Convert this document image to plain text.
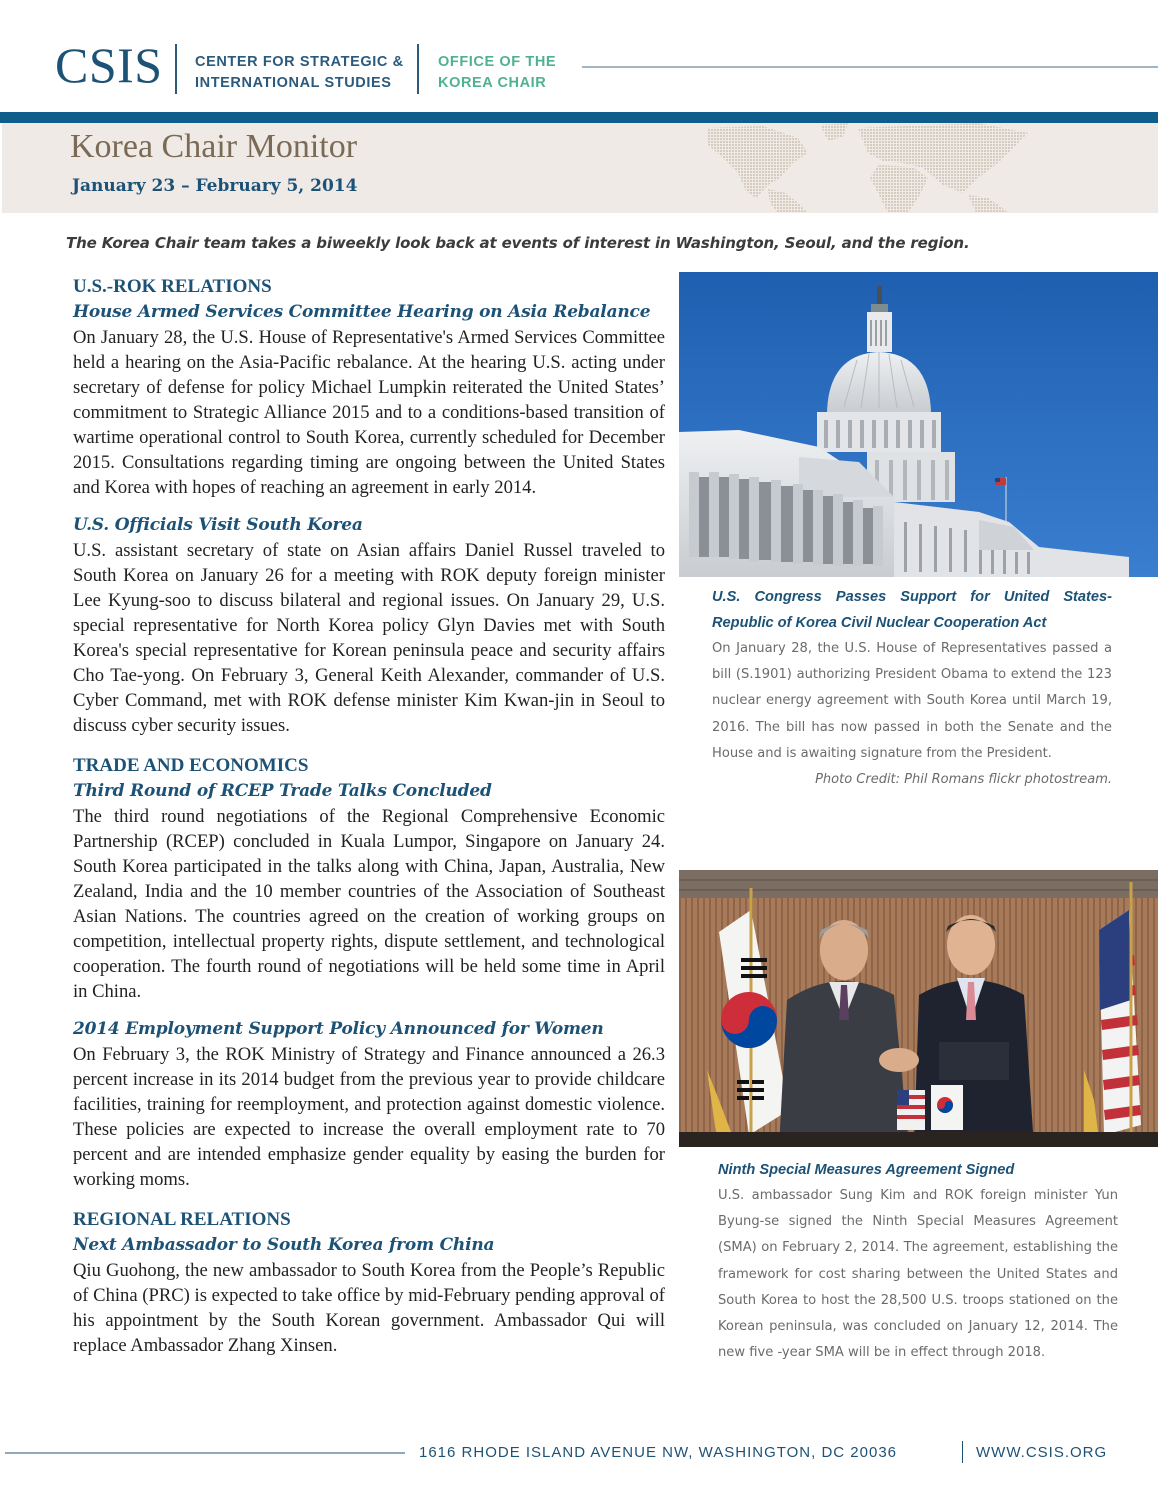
CSIS CENTER FOR STRATEGIC &
INTERNATIONAL STUDIES
OFFICE OF THE
KOREA CHAIR
Korea Chair Monitor
January 23 – February 5, 2014
The Korea Chair team takes a biweekly look back at events of interest in Washington, Seoul, and the region.
U.S.-ROK RELATIONS
House Armed Services Committee Hearing on Asia Rebalance

On January 28, the U.S. House of Representative's Armed Services Committee held a hearing on the Asia-Pacific rebalance. At the hearing U.S. acting under secretary of defense for policy Michael Lumpkin reiterated the United States’ commitment to Strategic Alliance 2015 and to a conditions-based transition of wartime operational control to South Korea, currently scheduled for December 2015. Consultations regarding timing are ongoing between the United States and Korea with hopes of reaching an agreement in early 2014.

U.S. Officials Visit South Korea

U.S. assistant secretary of state on Asian affairs Daniel Russel traveled to South Korea on January 26 for a meeting with ROK deputy foreign minister Lee Kyung-soo to discuss bilateral and regional issues. On January 29, U.S. special representative for North Korea policy Glyn Davies met with South Korea's special representative for Korean peninsula peace and security affairs Cho Tae-yong. On February 3, General Keith Alexander, commander of U.S. Cyber Command, met with ROK defense minister Kim Kwan-jin in Seoul to discuss cyber security issues.

TRADE AND ECONOMICS
Third Round of RCEP Trade Talks Concluded

The third round negotiations of the Regional Comprehensive Economic Partnership (RCEP) concluded in Kuala Lumpor, Singapore on January 24. South Korea participated in the talks along with China, Japan, Australia, New Zealand, India and the 10 member countries of the Association of Southeast Asian Nations. The countries agreed on the creation of working groups on competition, intellectual property rights, dispute settlement, and technological cooperation. The fourth round of negotiations will be held some time in April in China.

2014 Employment Support Policy Announced for Women

On February 3, the ROK Ministry of Strategy and Finance announced a 26.3 percent increase in its 2014 budget from the previous year to provide childcare facilities, training for reemployment, and protection against domestic violence. These policies are expected to increase the overall employment rate to 70 percent and are intended emphasize gender equality by easing the burden for working moms.

REGIONAL RELATIONS
Next Ambassador to South Korea from China

Qiu Guohong, the new ambassador to South Korea from the People’s Republic of China (PRC) is expected to take office by mid-February pending approval of his appointment by the South Korean government. Ambassador Qui will replace Ambassador Zhang Xinsen.

U.S. Congress Passes Support for United States-Republic of Korea Civil Nuclear Cooperation Act

On January 28, the U.S. House of Representatives passed a bill (S.1901) authorizing President Obama to extend the 123 nuclear energy agreement with South Korea until March 19, 2016. The bill has now passed in both the Senate and the House and is awaiting signature from the President.

Photo Credit: Phil Romans flickr photostream.

Ninth Special Measures Agreement Signed

U.S. ambassador Sung Kim and ROK foreign minister Yun Byung-se signed the Ninth Special Measures Agreement (SMA) on February 2, 2014. The agreement, establishing the framework for cost sharing between the United States and South Korea to host the 28,500 U.S. troops stationed on the Korean peninsula, was concluded on January 12, 2014. The new five -year SMA will be in effect through 2018.

1616 RHODE ISLAND AVENUE NW, WASHINGTON, DC 20036	WWW.CSIS.ORG
